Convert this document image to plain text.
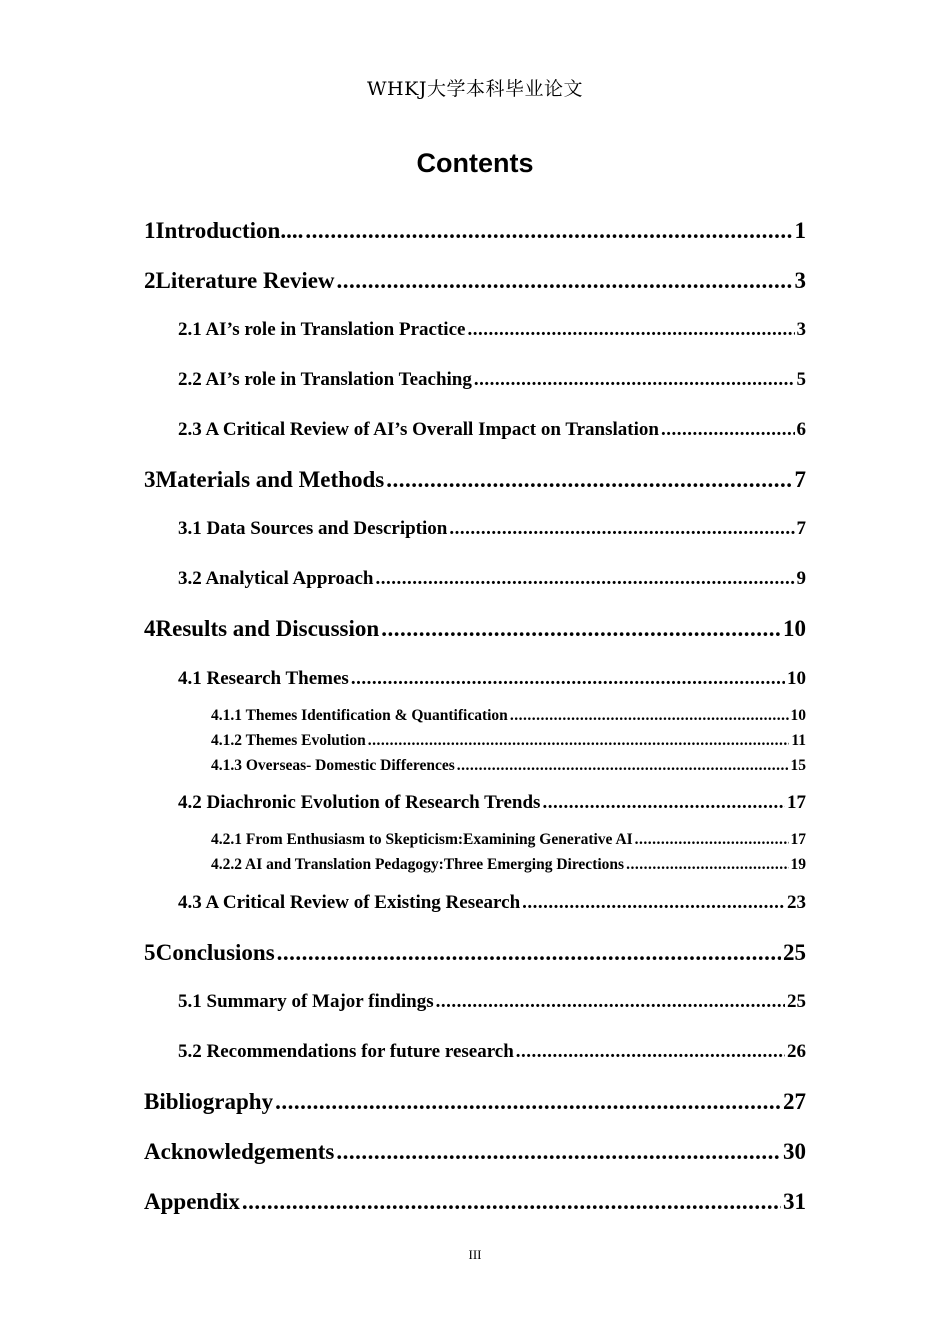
WHKJ大学本科毕业论文
Contents
1 Introduction.... .....	1
2 Literature Review .....	3
2.1 AI’s role in Translation Practice .....	3
2.2 AI’s role in Translation Teaching .....	5
2.3 A Critical Review of AI’s Overall Impact on Translation .....	6
3 Materials and Methods .....	7
3.1 Data Sources and Description .....	7
3.2 Analytical Approach .....	9
4 Results and Discussion .....	10
4.1 Research Themes .....	10
4.1.1 Themes Identification & Quantification .....	10
4.1.2 Themes Evolution .....	11
4.1.3 Overseas- Domestic Differences .....	15
4.2 Diachronic Evolution of Research Trends .....	17
4.2.1 From Enthusiasm to Skepticism:Examining Generative AI .....	17
4.2.2 AI and Translation Pedagogy:Three Emerging Directions .....	19
4.3 A Critical Review of Existing Research .....	23
5 Conclusions .....	25
5.1 Summary of Major findings .....	25
5.2 Recommendations for future research .....	26
Bibliography .....	27
Acknowledgements .....	30
Appendix .....	31
III
